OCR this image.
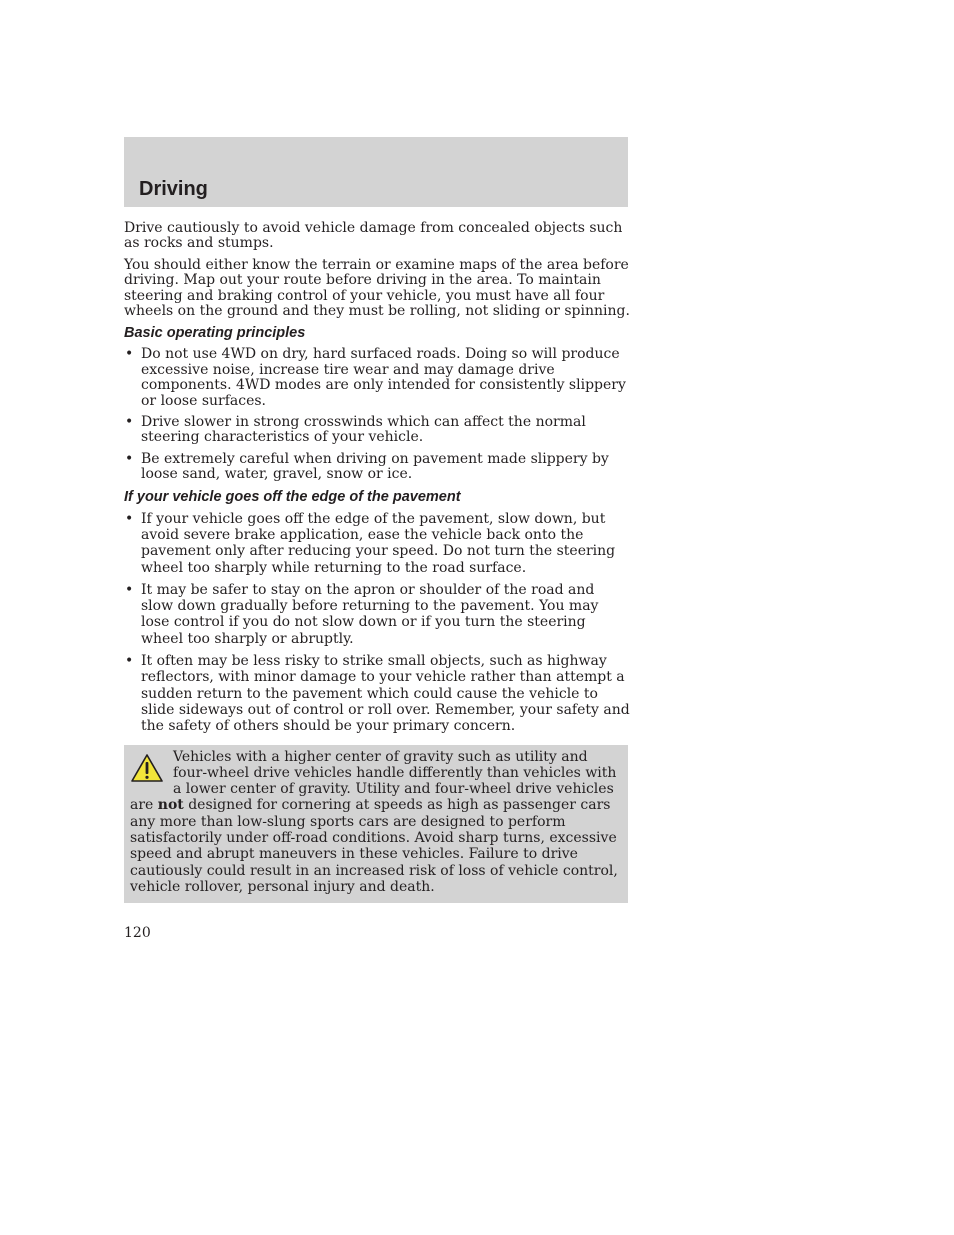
Driving

Drive cautiously to avoid vehicle damage from concealed objects such as rocks and stumps.

You should either know the terrain or examine maps of the area before driving. Map out your route before driving in the area. To maintain steering and braking control of your vehicle, you must have all four wheels on the ground and they must be rolling, not sliding or spinning.

Basic operating principles
• Do not use 4WD on dry, hard surfaced roads. Doing so will produce excessive noise, increase tire wear and may damage drive components. 4WD modes are only intended for consistently slippery or loose surfaces.
• Drive slower in strong crosswinds which can affect the normal steering characteristics of your vehicle.
• Be extremely careful when driving on pavement made slippery by loose sand, water, gravel, snow or ice.
If your vehicle goes off the edge of the pavement
• If your vehicle goes off the edge of the pavement, slow down, but avoid severe brake application, ease the vehicle back onto the pavement only after reducing your speed. Do not turn the steering wheel too sharply while returning to the road surface.
• It may be safer to stay on the apron or shoulder of the road and slow down gradually before returning to the pavement. You may lose control if you do not slow down or if you turn the steering wheel too sharply or abruptly.
• It often may be less risky to strike small objects, such as highway reflectors, with minor damage to your vehicle rather than attempt a sudden return to the pavement which could cause the vehicle to slide sideways out of control or roll over. Remember, your safety and the safety of others should be your primary concern.
Vehicles with a higher center of gravity such as utility and four-wheel drive vehicles handle differently than vehicles with a lower center of gravity. Utility and four-wheel drive vehicles are not designed for cornering at speeds as high as passenger cars any more than low-slung sports cars are designed to perform satisfactorily under off-road conditions. Avoid sharp turns, excessive speed and abrupt maneuvers in these vehicles. Failure to drive cautiously could result in an increased risk of loss of vehicle control, vehicle rollover, personal injury and death.
120
